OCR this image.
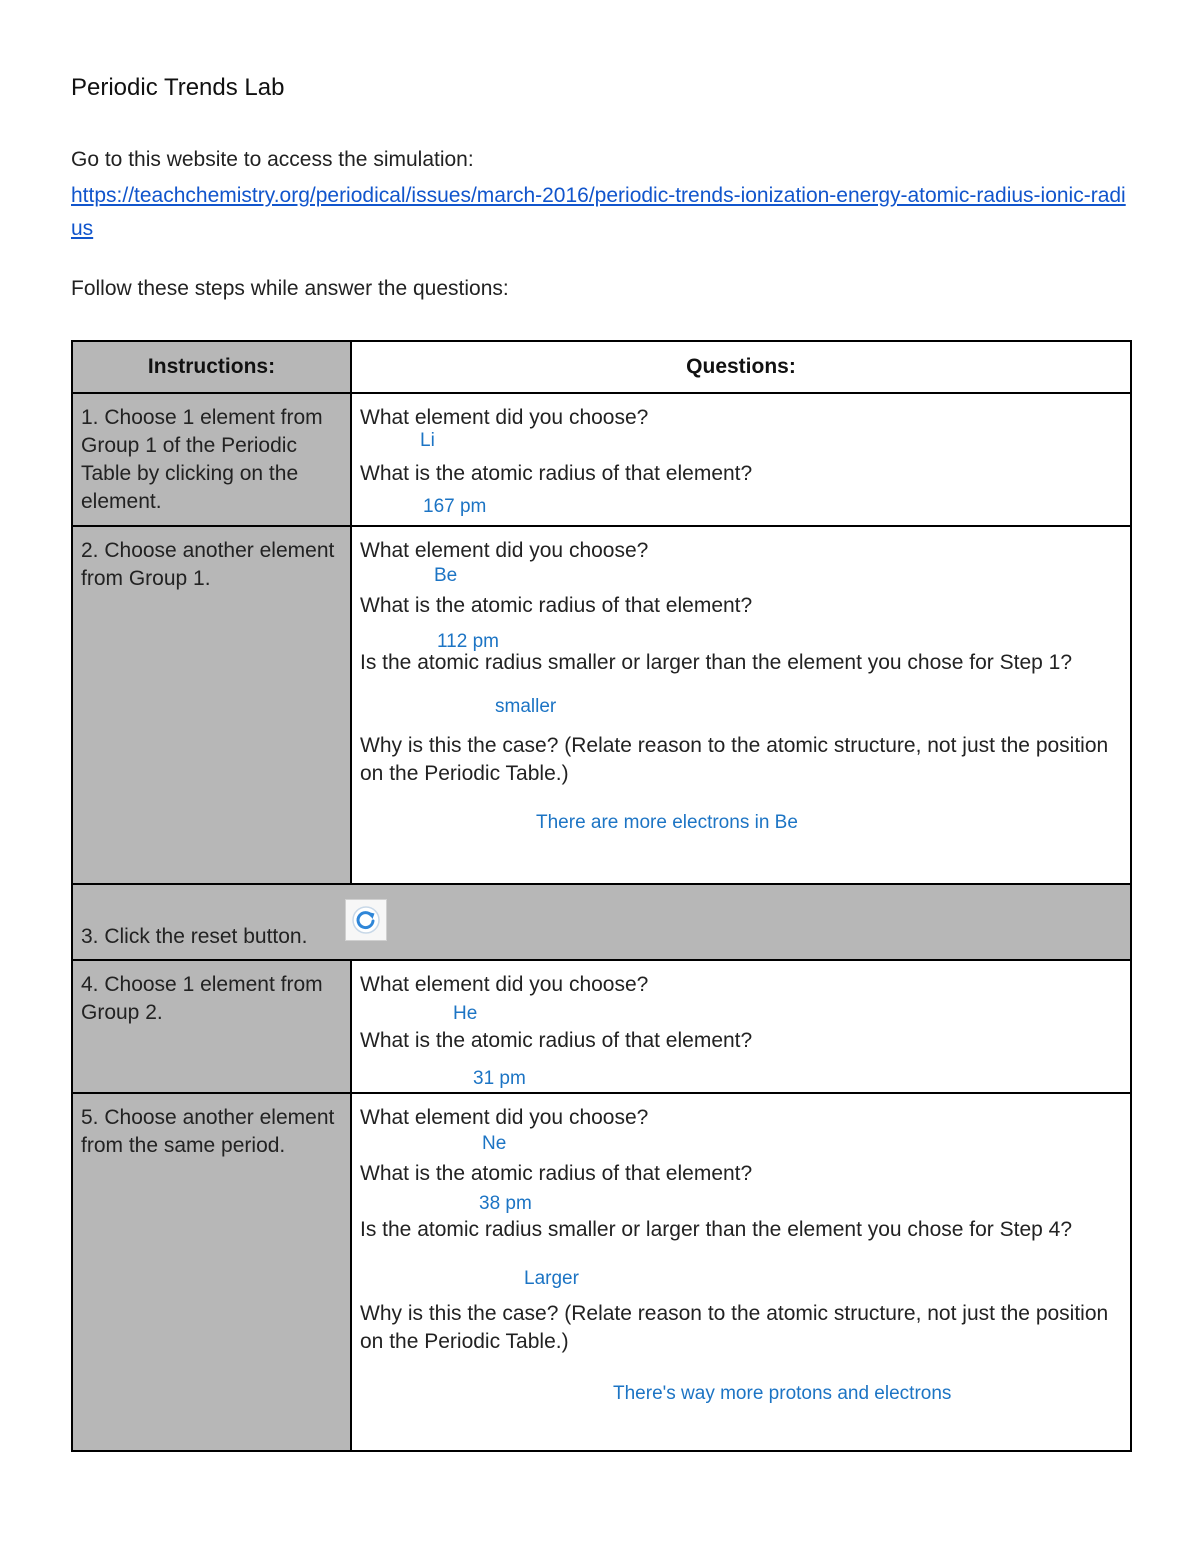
Periodic Trends Lab
Go to this website to access the simulation:
https://teachchemistry.org/periodical/issues/march-2016/periodic-trends-ionization-energy-atomic-radius-ionic-radius
Follow these steps while answer the questions:
Instructions:	Questions:
1. Choose 1 element from Group 1 of the Periodic Table by clicking on the element.
What element did you choose?
Li
What is the atomic radius of that element?
167 pm
2. Choose another element from Group 1.
What element did you choose?
Be
What is the atomic radius of that element?
112 pm
Is the atomic radius smaller or larger than the element you chose for Step 1?
smaller
Why is this the case? (Relate reason to the atomic structure, not just the position on the Periodic Table.)
There are more electrons in Be
3. Click the reset button.
4. Choose 1 element from Group 2.
What element did you choose?
He
What is the atomic radius of that element?
31 pm
5. Choose another element from the same period.
What element did you choose?
Ne
What is the atomic radius of that element?
38 pm
Is the atomic radius smaller or larger than the element you chose for Step 4?
Larger
Why is this the case? (Relate reason to the atomic structure, not just the position on the Periodic Table.)
There's way more protons and electrons
